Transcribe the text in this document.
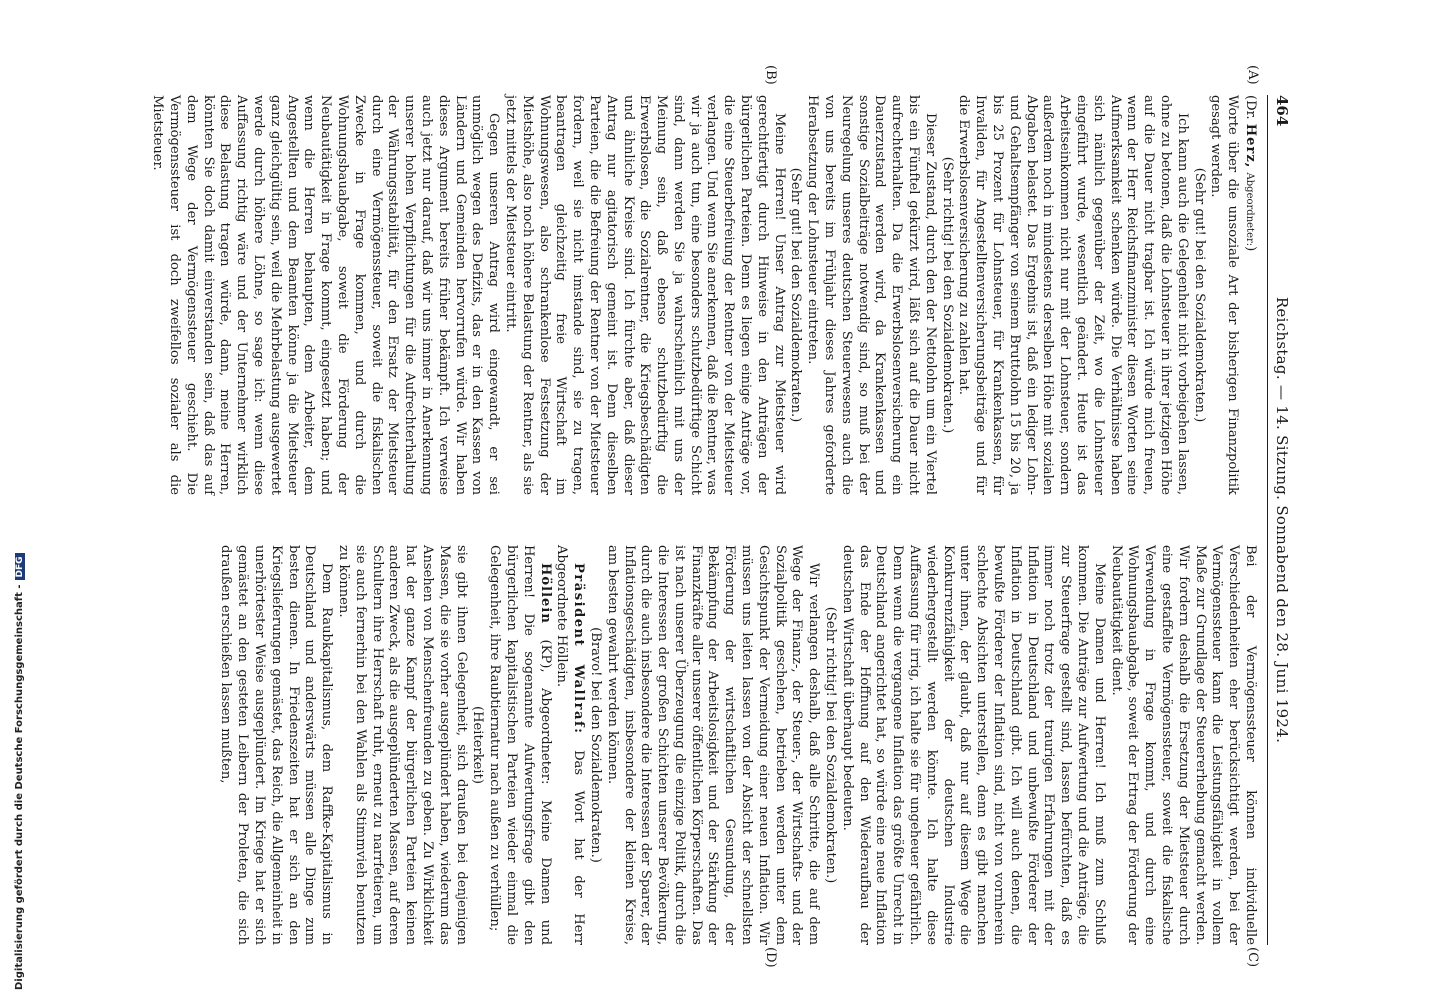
Digitalisierung gefördert durch die Deutsche Forschungsgemeinschaft -DFG
464
Reichstag. — 14. Sitzung. Sonnabend den 28. Juni 1924.
(A)
(B)
(C)
(D)

(Dr. Herz, Abgeordneter:)

Worte über die unsoziale Art der bisherigen Finanzpolitik gesagt werden.

(Sehr gut! bei den Sozialdemokraten.)

Ich kann auch die Gelegenheit nicht vorbeigehen lassen, ohne zu betonen, daß die Lohnsteuer in ihrer jetzigen Höhe auf die Dauer nicht tragbar ist. Ich würde mich freuen, wenn der Herr Reichsfinanzminister diesen Worten seine Aufmerksamkeit schenken würde. Die Verhältnisse haben sich nämlich gegenüber der Zeit, wo die Lohnsteuer eingeführt wurde, wesentlich geändert. Heute ist das Arbeitseinkommen nicht nur mit der Lohnsteuer, sondern außerdem noch in mindestens derselben Höhe mit sozialen Abgaben belastet. Das Ergebnis ist, daß ein lediger Lohn- und Gehaltsempfänger von seinem Bruttolohn 15 bis 20, ja bis 25 Prozent für Lohnsteuer, für Krankenkassen, für Invaliden, für Angestelltenversicherungsbeiträge und für die Erwerbslosenversicherung zu zahlen hat.

(Sehr richtig! bei den Sozialdemokraten.)

Dieser Zustand, durch den der Nettolohn um ein Viertel bis ein Fünftel gekürzt wird, läßt sich auf die Dauer nicht aufrechterhalten. Da die Erwerbslosenversicherung ein Dauerzustand werden wird, da Krankenkassen und sonstige Sozialbeiträge notwendig sind, so muß bei der Neuregelung unseres deutschen Steuerwesens auch die von uns bereits im Frühjahr dieses Jahres geforderte Herabsetzung der Lohnsteuer eintreten.

(Sehr gut! bei den Sozialdemokraten.)

Meine Herren! Unser Antrag zur Mietsteuer wird gerechtfertigt durch Hinweise in den Anträgen der bürgerlichen Parteien. Denn es liegen einige Anträge vor, die eine Steuerbefreiung der Rentner von der Mietsteuer verlangen. Und wenn Sie anerkennen, daß die Rentner, was wir ja auch tun, eine besonders schutzbedürftige Schicht sind, dann werden Sie ja wahrscheinlich mit uns der Meinung sein, daß ebenso schutzbedürftig die Erwerbslosen, die Sozialrentner, die Kriegsbeschädigten und ähnliche Kreise sind. Ich fürchte aber, daß dieser Antrag nur agitatorisch gemeint ist. Denn dieselben Parteien, die die Befreiung der Rentner von der Mietsteuer fordern, weil sie nicht imstande sind, sie zu tragen, beantragen gleichzeitig freie Wirtschaft im Wohnungswesen, also schrankenlose Festsetzung der Mietshöhe, also noch höhere Belastung der Rentner, als sie jetzt mittels der Mietsteuer eintritt.

Gegen unseren Antrag wird eingewandt, er sei unmöglich wegen des Defizits, das er in den Kassen von Ländern und Gemeinden hervorrufen würde. Wir haben dieses Argument bereits früher bekämpft. Ich verweise auch jetzt nur darauf, daß wir uns immer in Anerkennung unserer hohen Verpflichtungen für die Aufrechterhaltung der Währungsstabilität, für den Ersatz der Mietsteuer durch eine Vermögenssteuer, soweit die fiskalischen Zwecke in Frage kommen, und durch die Wohnungsbauabgabe, soweit die Förderung der Neubautätigkeit in Frage kommt, eingesetzt haben; und wenn die Herren behaupten, dem Arbeiter, dem Angestellten und dem Beamten könne ja die Mietsteuer ganz gleichgültig sein, weil die Mehrbelastung ausgewertet werde durch höhere Löhne, so sage ich: wenn diese Auffassung richtig wäre und der Unternehmer wirklich diese Belastung tragen würde, dann, meine Herren, könnten Sie doch damit einverstanden sein, daß das auf dem Wege der Vermögenssteuer geschieht. Die Vermögenssteuer ist doch zweifellos sozialer als die Mietsteuer.

Bei der Vermögenssteuer können individuelle Verschiedenheiten eher berücksichtigt werden, bei der Vermögenssteuer kann die Leistungsfähigkeit in vollem Maße zur Grundlage der Steuererhebung gemacht werden. Wir fordern deshalb die Ersetzung der Mietsteuer durch eine gestaffelte Vermögenssteuer, soweit die fiskalische Verwendung in Frage kommt, und durch eine Wohnungsbauabgabe, soweit der Ertrag der Förderung der Neubautätigkeit dient.

Meine Damen und Herren! Ich muß zum Schluß kommen. Die Anträge zur Aufwertung und die Anträge, die zur Steuerfrage gestellt sind, lassen befürchten, daß es immer noch trotz der traurigen Erfahrungen mit der Inflation in Deutschland und unbewußte Förderer der Inflation in Deutschland gibt. Ich will auch denen, die bewußte Förderer der Inflation sind, nicht von vornherein schlechte Absichten unterstellen, denn es gibt manchen unter ihnen, der glaubt, daß nur auf diesem Wege die Konkurrenzfähigkeit der deutschen Industrie wiederhergestellt werden könnte. Ich halte diese Auffassung für irrig, ich halte sie für ungeheuer gefährlich. Denn wenn die vergangene Inflation das größte Unrecht in Deutschland angerichtet hat, so würde eine neue Inflation das Ende der Hoffnung auf den Wiederaufbau der deutschen Wirtschaft überhaupt bedeuten.

(Sehr richtig! bei den Sozialdemokraten.)

Wir verlangen deshalb, daß alle Schritte, die auf dem Wege der Finanz-, der Steuer-, der Wirtschafts- und der Sozialpolitik geschehen, betrieben werden unter dem Gesichtspunkt der Vermeidung einer neuen Inflation. Wir müssen uns leiten lassen von der Absicht der schnellsten Förderung der wirtschaftlichen Gesundung, der Bekämpfung der Arbeitslosigkeit und der Stärkung der Finanzkräfte aller unserer öffentlichen Körperschaften. Das ist nach unserer Überzeugung die einzige Politik, durch die die Interessen der großen Schichten unserer Bevölkerung, durch die auch insbesondere die Interessen der Sparer, der Inflationsgeschädigten, insbesondere der kleinen Kreise, am besten gewahrt werden können.

(Bravo! bei den Sozialdemokraten.)

Präsident Wallraf: Das Wort hat der Herr Abgeordnete Höllein.

Höllein (KP), Abgeordneter: Meine Damen und Herren! Die sogenannte Aufwertungsfrage gibt den bürgerlichen kapitalistischen Parteien wieder einmal die Gelegenheit, ihre Raubtiernatur nach außen zu verhüllen;

(Heiterkeit)

sie gibt ihnen Gelegenheit, sich draußen bei denjenigen Massen, die sie vorher ausgeplündert haben, wiederum das Ansehen von Menschenfreunden zu geben. Zu Wirklichkeit hat der ganze Kampf der bürgerlichen Parteien keinen anderen Zweck, als die ausgeplünderten Massen, auf deren Schultern ihre Herrschaft ruht, erneut zu narrfetieren, um sie auch fernerhin bei den Wahlen als Stimmvieh benutzen zu können.

Dem Raubkapitalismus, dem Raffke-Kapitalismus in Deutschland und anderswärts müssen alle Dinge zum besten dienen. In Friedenszeiten hat er sich an den Kriegslieferungen gemästet, das Reich, die Allgemeinheit in unerhörtester Weise ausgeplündert. Im Kriege hat er sich gemästet an den gesteten Leibern der Proleten, die sich draußen erschießen lassen mußten,
